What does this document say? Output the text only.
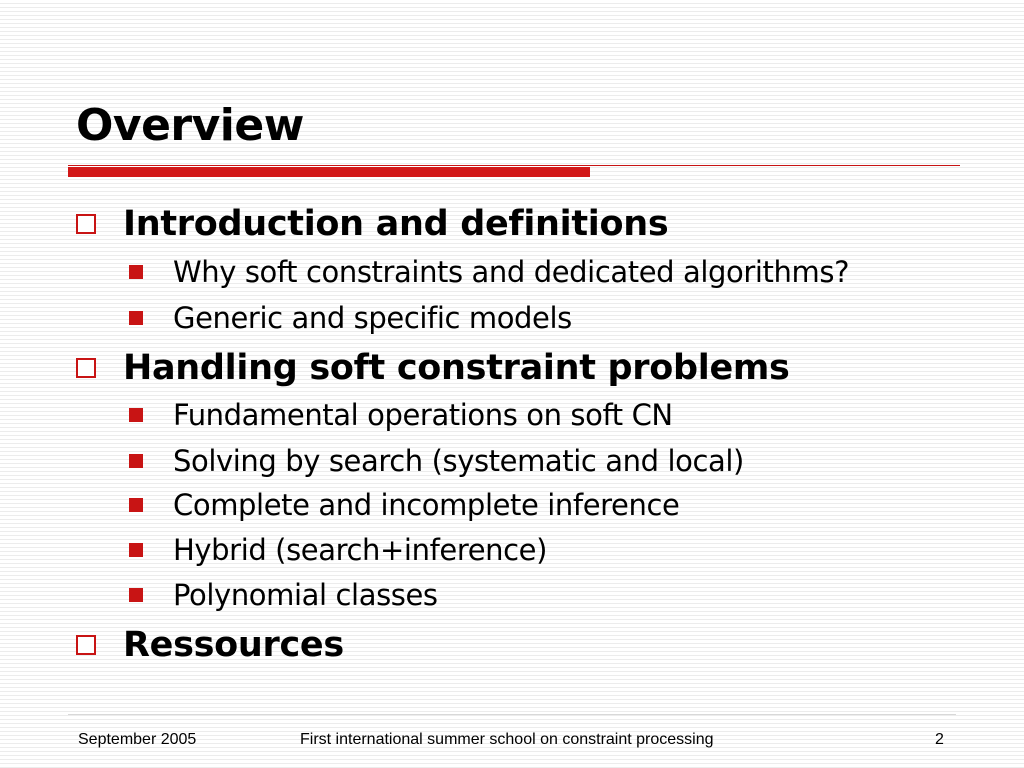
Overview
Introduction and definitions
Why soft constraints and dedicated algorithms?
Generic and specific models
Handling soft constraint problems
Fundamental operations on soft CN
Solving by search (systematic and local)
Complete and incomplete inference
Hybrid (search+inference)
Polynomial classes
Ressources
September 2005	First international summer school on constraint processing	2
